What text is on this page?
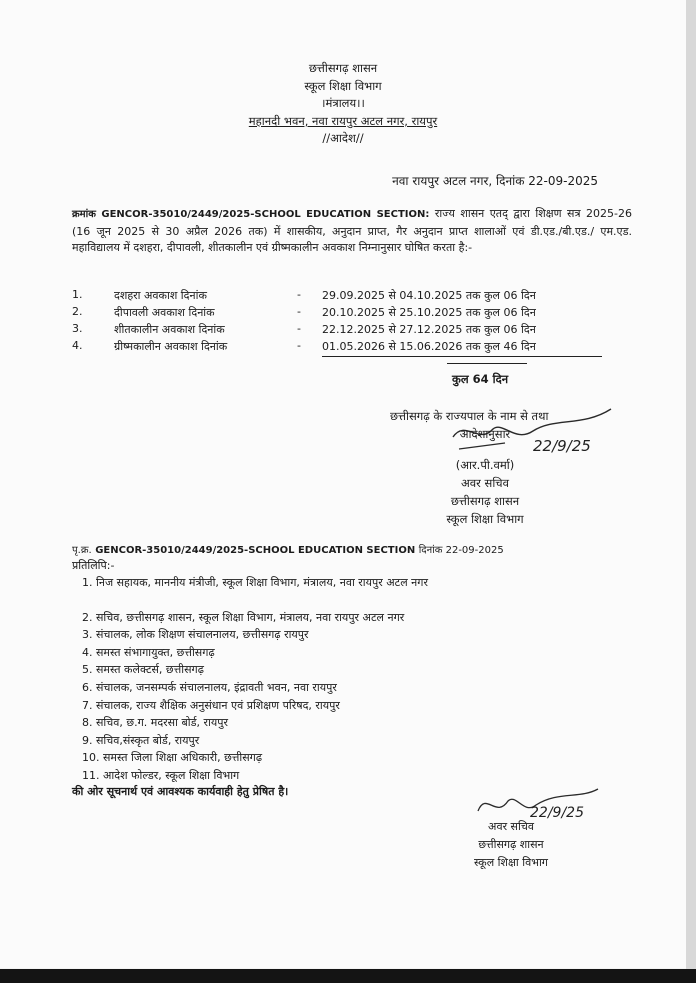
छत्तीसगढ़ शासन
स्कूल शिक्षा विभाग
।मंत्रालय।।
महानदी भवन, नवा रायपुर अटल नगर, रायपुर
//आदेश//
नवा रायपुर अटल नगर, दिनांक 22-09-2025
क्रमांक GENCOR-35010/2449/2025-SCHOOL EDUCATION SECTION: राज्य शासन एतद् द्वारा शिक्षण सत्र 2025-26 (16 जून 2025 से 30 अप्रैल 2026 तक) में शासकीय, अनुदान प्राप्त, गैर अनुदान प्राप्त शालाओं एवं डी.एड./बी.एड./ एम.एड. महाविद्यालय में दशहरा, दीपावली, शीतकालीन एवं ग्रीष्मकालीन अवकाश निम्नानुसार घोषित करता है:-
1.	दशहरा अवकाश दिनांक	-	29.09.2025 से 04.10.2025 तक कुल 06 दिन
2.	दीपावली अवकाश दिनांक	-	20.10.2025 से 25.10.2025 तक कुल 06 दिन
3.	शीतकालीन अवकाश दिनांक	-	22.12.2025 से 27.12.2025 तक कुल 06 दिन
4.	ग्रीष्मकालीन अवकाश दिनांक	-	01.05.2026 से 15.06.2026 तक कुल 46 दिन
कुल 64 दिन
22/9/25
छत्तीसगढ़ के राज्यपाल के नाम से तथा
आदेशानुसार
(आर.पी.वर्मा)
अवर सचिव
छत्तीसगढ़ शासन
स्कूल शिक्षा विभाग
पृ.क्र. GENCOR-35010/2449/2025-SCHOOL EDUCATION SECTION दिनांक 22-09-2025
प्रतिलिपि:-
1. निज सहायक, माननीय मंत्रीजी, स्कूल शिक्षा विभाग, मंत्रालय, नवा रायपुर अटल नगर
2. सचिव, छत्तीसगढ़ शासन, स्कूल शिक्षा विभाग, मंत्रालय, नवा रायपुर अटल नगर
3. संचालक, लोक शिक्षण संचालनालय, छत्तीसगढ़ रायपुर
4. समस्त संभागायुक्त, छत्तीसगढ़
5. समस्त कलेक्टर्स, छत्तीसगढ़
6. संचालक, जनसम्पर्क संचालनालय, इंद्रावती भवन, नवा रायपुर
7. संचालक, राज्य शैक्षिक अनुसंधान एवं प्रशिक्षण परिषद, रायपुर
8. सचिव, छ.ग. मदरसा बोर्ड, रायपुर
9. सचिव,संस्कृत बोर्ड, रायपुर
10. समस्त जिला शिक्षा अधिकारी, छत्तीसगढ़
11. आदेश फोल्डर, स्कूल शिक्षा विभाग
की ओर सूचनार्थ एवं आवश्यक कार्यवाही हेतु प्रेषित है।
22/9/25
अवर सचिव
छत्तीसगढ़ शासन
स्कूल शिक्षा विभाग
